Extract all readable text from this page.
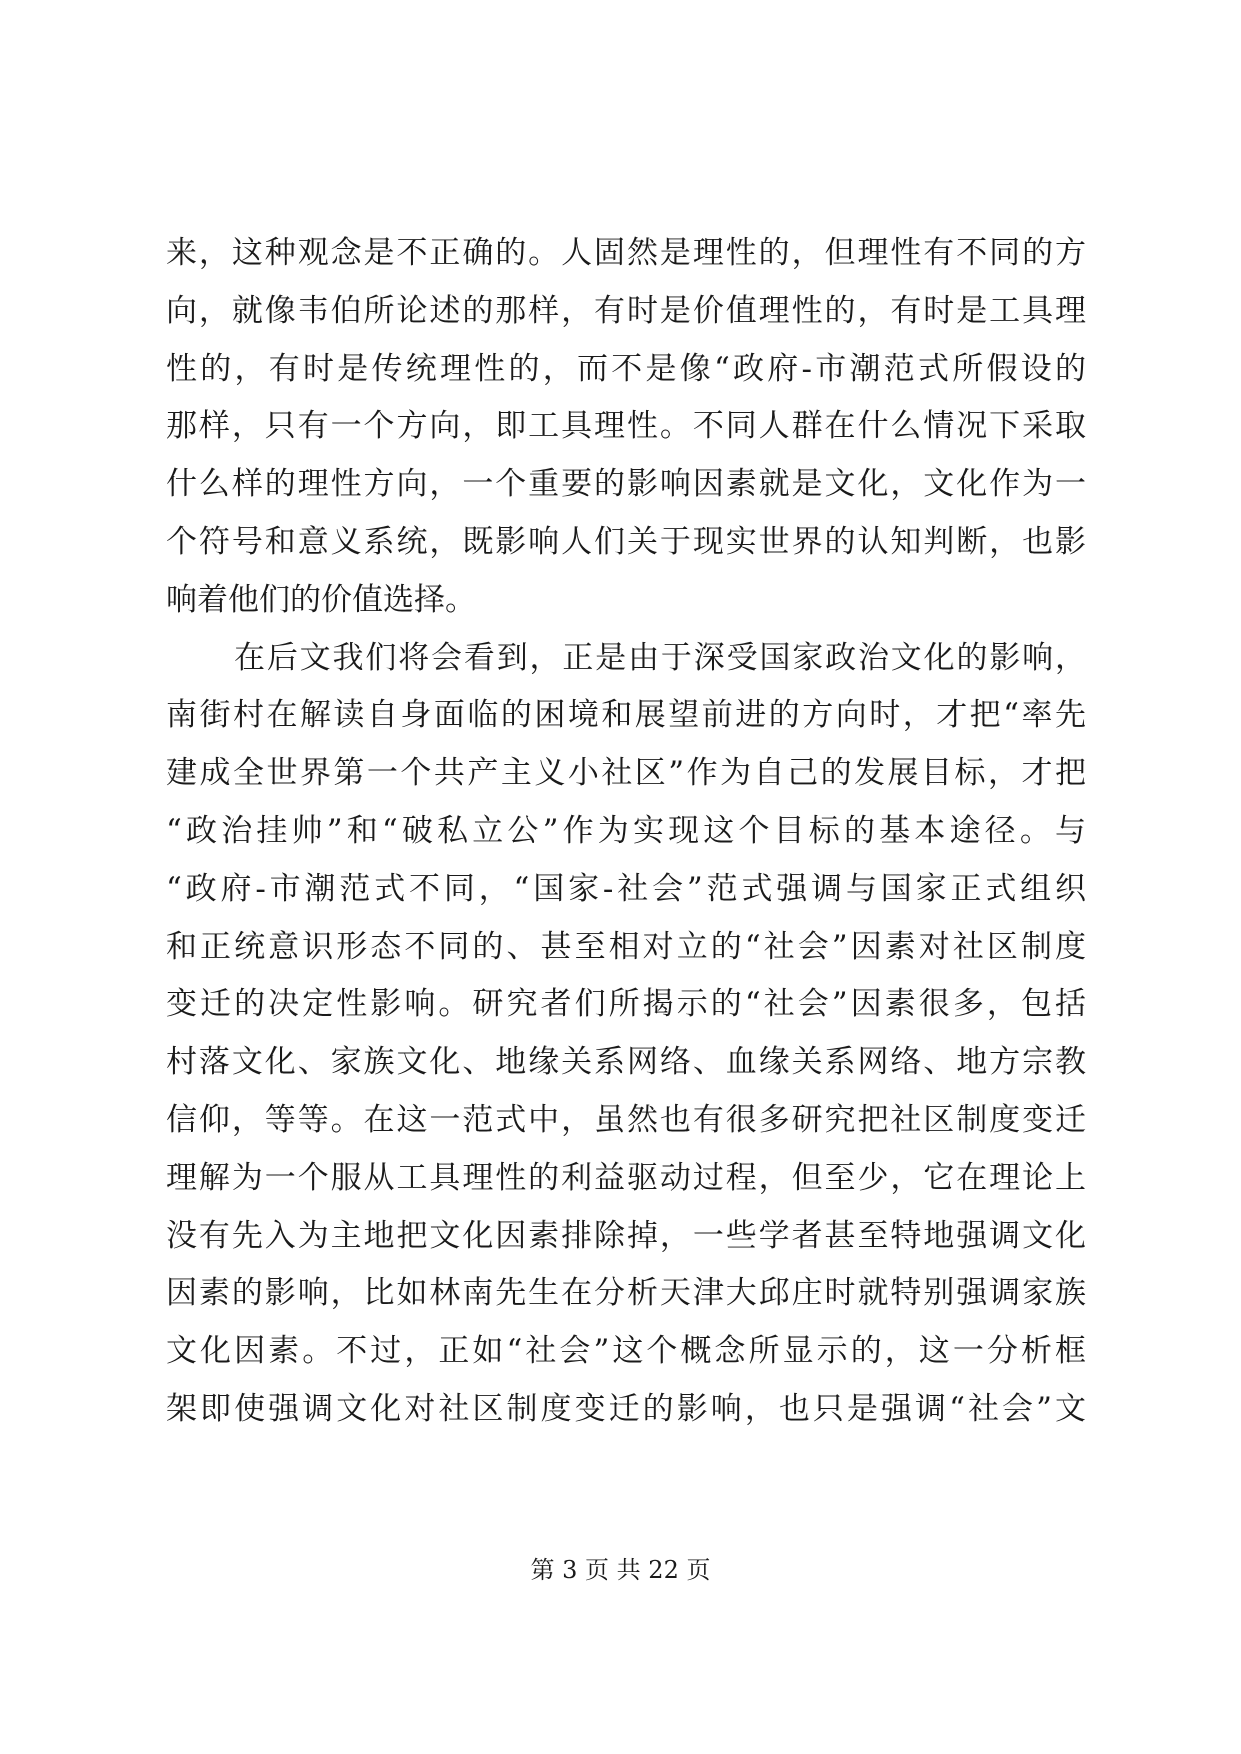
来，这种观念是不正确的。人固然是理性的，但理性有不同的方
向，就像韦伯所论述的那样，有时是价值理性的，有时是工具理
性的，有时是传统理性的，而不是像“政府-市潮范式所假设的
那样，只有一个方向，即工具理性。不同人群在什么情况下采取
什么样的理性方向，一个重要的影响因素就是文化，文化作为一
个符号和意义系统，既影响人们关于现实世界的认知判断，也影
响着他们的价值选择。
在后文我们将会看到，正是由于深受国家政治文化的影响，
南街村在解读自身面临的困境和展望前进的方向时，才把“率先
建成全世界第一个共产主义小社区”作为自己的发展目标，才把
“政治挂帅”和“破私立公”作为实现这个目标的基本途径。与
“政府-市潮范式不同，“国家-社会”范式强调与国家正式组织
和正统意识形态不同的、甚至相对立的“社会”因素对社区制度
变迁的决定性影响。研究者们所揭示的“社会”因素很多，包括
村落文化、家族文化、地缘关系网络、血缘关系网络、地方宗教
信仰，等等。在这一范式中，虽然也有很多研究把社区制度变迁
理解为一个服从工具理性的利益驱动过程，但至少，它在理论上
没有先入为主地把文化因素排除掉，一些学者甚至特地强调文化
因素的影响，比如林南先生在分析天津大邱庄时就特别强调家族
文化因素。不过，正如“社会”这个概念所显示的，这一分析框
架即使强调文化对社区制度变迁的影响，也只是强调“社会”文
第 3 页 共 22 页
